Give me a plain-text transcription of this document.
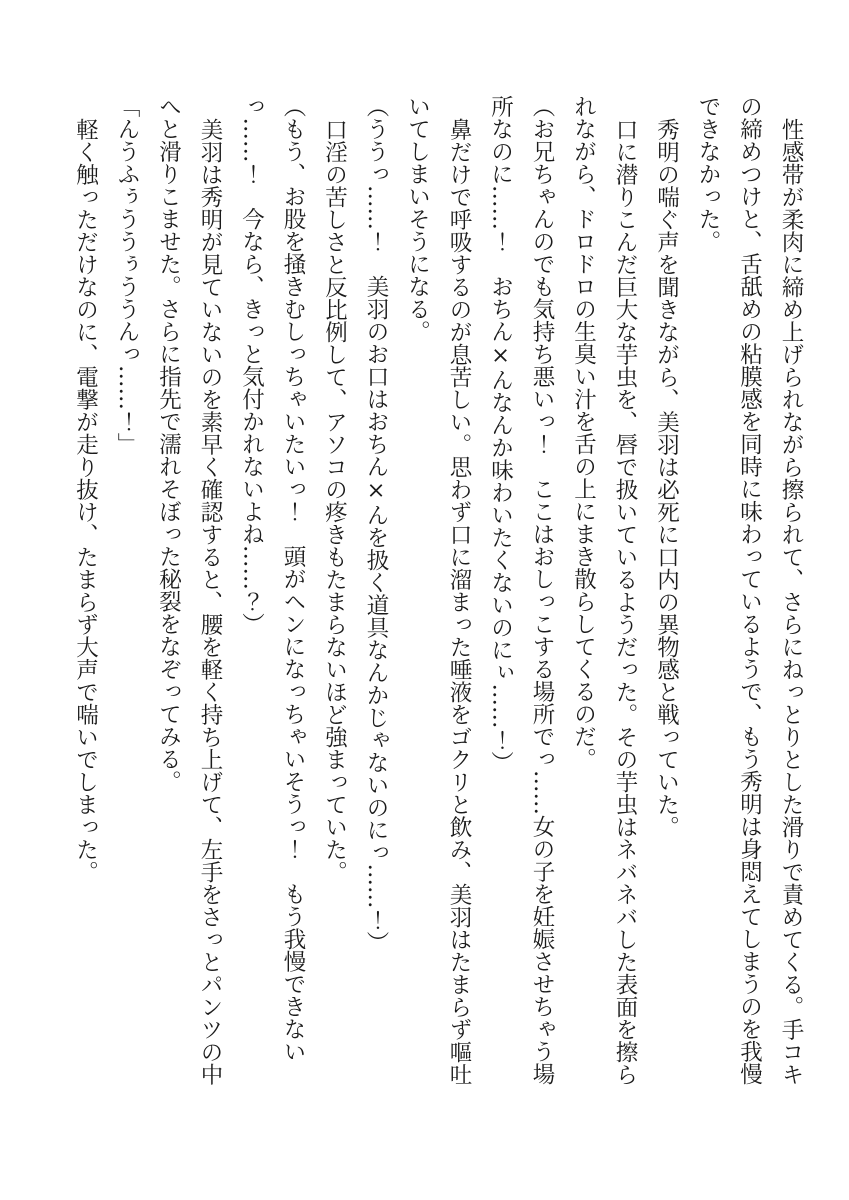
性感帯が柔肉に締め上げられながら擦られて、さらにねっとりとした滑りで責めてくる。手コキの締めつけと、舌舐めの粘膜感を同時に味わっているようで、もう秀明は身悶えてしまうのを我慢できなかった。

秀明の喘ぐ声を聞きながら、美羽は必死に口内の異物感と戦っていた。

口に潜りこんだ巨大な芋虫を、唇で扱いているようだった。その芋虫はネバネバした表面を擦られながら、ドロドロの生臭い汁を舌の上にまき散らしてくるのだ。

（お兄ちゃんのでも気持ち悪いっ！　ここはおしっこする場所でっ……女の子を妊娠させちゃう場所なのに……！　おちん×んなんか味わいたくないのにぃ……！）

鼻だけで呼吸するのが息苦しい。思わず口に溜まった唾液をゴクリと飲み、美羽はたまらず嘔吐いてしまいそうになる。

（ううっ……！　美羽のお口はおちん×んを扱く道具なんかじゃないのにっ……！）

口淫の苦しさと反比例して、アソコの疼きもたまらないほど強まっていた。

（もう、お股を掻きむしっちゃいたいっ！　頭がヘンになっちゃいそうっ！　もう我慢できないっ……！　今なら、きっと気付かれないよね……？）

美羽は秀明が見ていないのを素早く確認すると、腰を軽く持ち上げて、左手をさっとパンツの中へと滑りこませた。さらに指先で濡れそぼった秘裂をなぞってみる。

「んうふぅううぅううんっ……！」

軽く触っただけなのに、電撃が走り抜け、たまらず大声で喘いでしまった。
